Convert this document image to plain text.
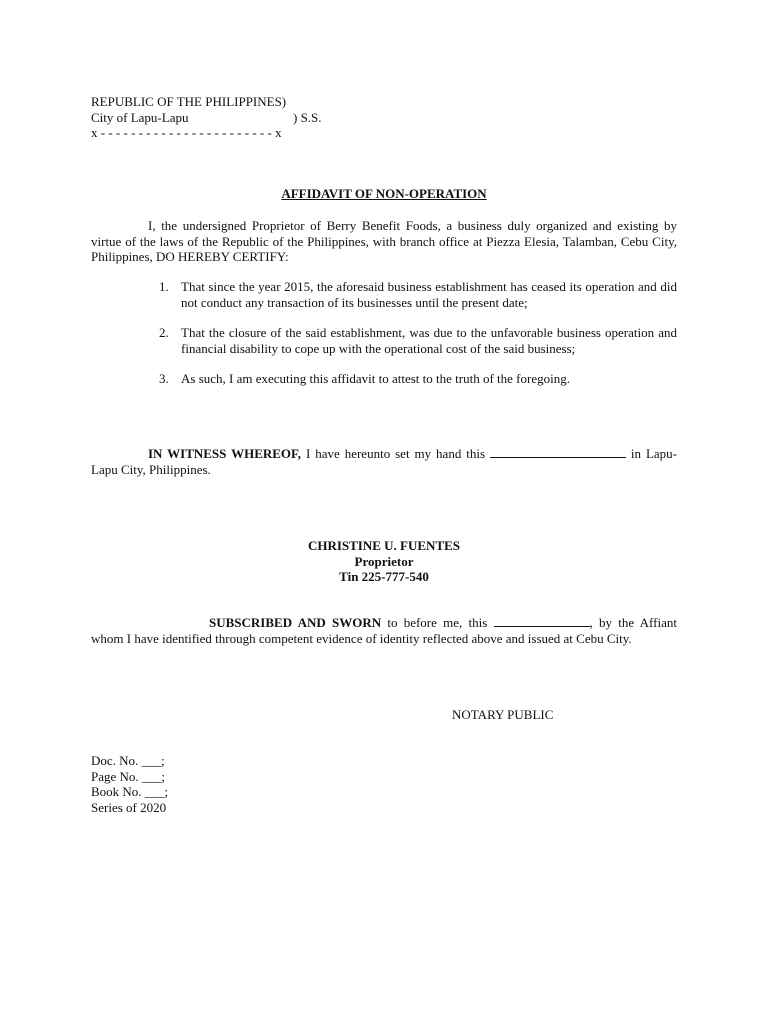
REPUBLIC OF THE PHILIPPINES)
City of Lapu-Lapu	) S.S.
x - - - - - - - - - - - - - - - - - - - - - - - x
AFFIDAVIT OF NON-OPERATION
I, the undersigned Proprietor of Berry Benefit Foods, a business duly organized and existing by virtue of the laws of the Republic of the Philippines, with branch office at Piezza Elesia, Talamban, Cebu City, Philippines, DO HEREBY CERTIFY:
1. That since the year 2015, the aforesaid business establishment has ceased its operation and did not conduct any transaction of its businesses until the present date;
2. That the closure of the said establishment, was due to the unfavorable business operation and financial disability to cope up with the operational cost of the said business;
3. As such, I am executing this affidavit to attest to the truth of the foregoing.
IN WITNESS WHEREOF, I have hereunto set my hand this	in Lapu-Lapu City, Philippines.
CHRISTINE U. FUENTES
Proprietor
Tin 225-777-540
SUBSCRIBED AND SWORN to before me, this	, by the Affiant whom I have identified through competent evidence of identity reflected above and issued at Cebu City.
NOTARY PUBLIC
Doc. No. ___;
Page No. ___;
Book No. ___;
Series of 2020
